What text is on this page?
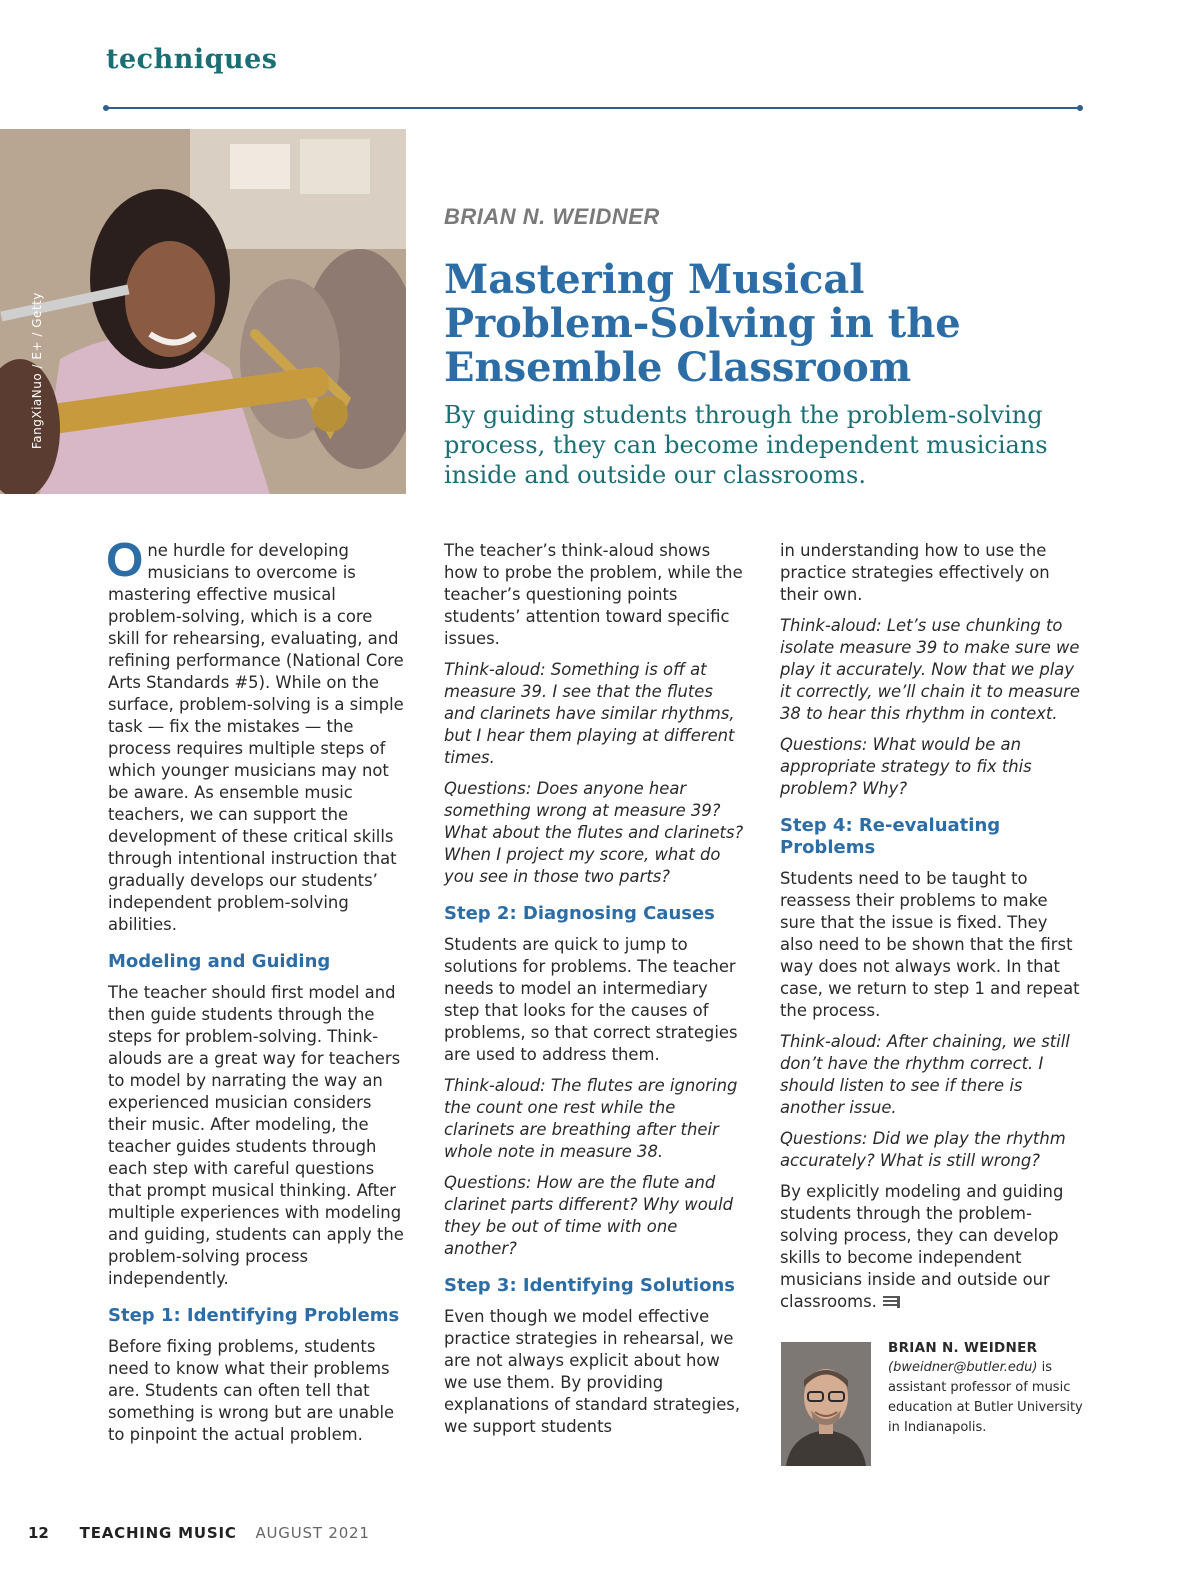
techniques
FangXiaNuo / E+ / Getty
BRIAN N. WEIDNER
Mastering Musical Problem-Solving in the Ensemble Classroom

By guiding students through the problem-solving process, they can become independent musicians inside and outside our classrooms.

One hurdle for developing musicians to overcome is mastering effective musical problem-solving, which is a core skill for rehearsing, evaluating, and refining performance (National Core Arts Standards #5). While on the surface, problem-solving is a simple task — fix the mistakes — the process requires multiple steps of which younger musicians may not be aware. As ensemble music teachers, we can support the development of these critical skills through intentional instruction that gradually develops our students’ independent problem-solving abilities.

Modeling and Guiding

The teacher should first model and then guide students through the steps for problem-solving. Think-alouds are a great way for teachers to model by narrating the way an experienced musician considers their music. After modeling, the teacher guides students through each step with careful questions that prompt musical thinking. After multiple experiences with modeling and guiding, students can apply the problem-solving process independently.

Step 1: Identifying Problems

Before fixing problems, students need to know what their problems are. Students can often tell that something is wrong but are unable to pinpoint the actual problem.

The teacher’s think-aloud shows how to probe the problem, while the teacher’s questioning points students’ attention toward specific issues.

Think-aloud: Something is off at measure 39. I see that the flutes and clarinets have similar rhythms, but I hear them playing at different times.

Questions: Does anyone hear something wrong at measure 39? What about the flutes and clarinets? When I project my score, what do you see in those two parts?

Step 2: Diagnosing Causes

Students are quick to jump to solutions for problems. The teacher needs to model an intermediary step that looks for the causes of problems, so that correct strategies are used to address them.

Think-aloud: The flutes are ignoring the count one rest while the clarinets are breathing after their whole note in measure 38.

Questions: How are the flute and clarinet parts different? Why would they be out of time with one another?

Step 3: Identifying Solutions

Even though we model effective practice strategies in rehearsal, we are not always explicit about how we use them. By providing explanations of standard strategies, we support students

in understanding how to use the practice strategies effectively on their own.

Think-aloud: Let’s use chunking to isolate measure 39 to make sure we play it accurately. Now that we play it correctly, we’ll chain it to measure 38 to hear this rhythm in context.

Questions: What would be an appropriate strategy to fix this problem? Why?

Step 4: Re-evaluating Problems

Students need to be taught to reassess their problems to make sure that the issue is fixed. They also need to be shown that the first way does not always work. In that case, we return to step 1 and repeat the process.

Think-aloud: After chaining, we still don’t have the rhythm correct. I should listen to see if there is another issue.

Questions: Did we play the rhythm accurately? What is still wrong?

By explicitly modeling and guiding students through the problem-solving process, they can develop skills to become independent musicians inside and outside our classrooms.

BRIAN N. WEIDNER
(bweidner@butler.edu) is assistant professor of music education at Butler University in Indianapolis.
12 TEACHING MUSIC AUGUST 2021
